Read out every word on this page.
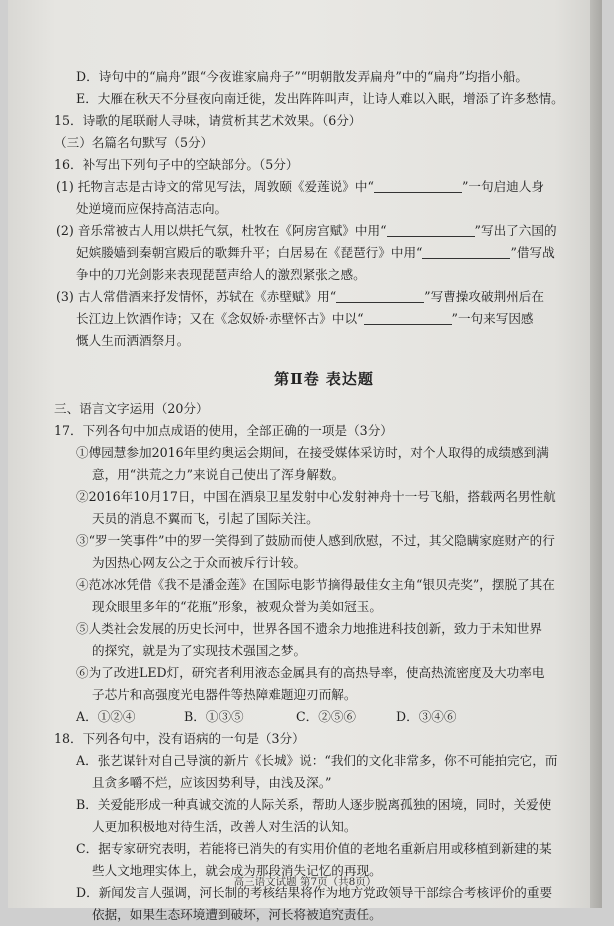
D．诗句中的“扁舟”跟“今夜谁家扁舟子”“明朝散发弄扁舟”中的“扁舟”均指小船。
E．大雁在秋天不分昼夜向南迁徙，发出阵阵叫声，让诗人难以入眠，增添了许多愁情。
15．诗歌的尾联耐人寻味，请赏析其艺术效果。（6分）
（三）名篇名句默写（5分）
16．补写出下列句子中的空缺部分。（5分）
(1) 托物言志是古诗文的常见写法，周敦颐《爱莲说》中“	”一句启迪人身
处逆境而应保持高洁志向。
(2) 音乐常被古人用以烘托气氛，杜牧在《阿房宫赋》中用“	”写出了六国的
妃嫔媵嫱到秦朝宫殿后的歌舞升平；白居易在《琵琶行》中用“	”借写战
争中的刀光剑影来表现琵琶声给人的激烈紧张之感。
(3) 古人常借酒来抒发情怀，苏轼在《赤壁赋》用“	”写曹操攻破荆州后在
长江边上饮酒作诗；又在《念奴娇·赤壁怀古》中以“	”一句来写因感
慨人生而洒酒祭月。
第Ⅱ卷 表达题
三、语言文字运用（20分）
17．下列各句中加点成语的使用，全部正确的一项是（3分）
①傅园慧参加2016年里约奥运会期间，在接受媒体采访时，对个人取得的成绩感到满
意，用“洪荒之力”来说自己使出了浑身解数。
②2016年10月17日，中国在酒泉卫星发射中心发射神舟十一号飞船，搭载两名男性航
天员的消息不翼而飞，引起了国际关注。
③“罗一笑事件”中的罗一笑得到了鼓励而使人感到欣慰，不过，其父隐瞒家庭财产的行
为因热心网友公之于众而被斥行计较。
④范冰冰凭借《我不是潘金莲》在国际电影节摘得最佳女主角“银贝壳奖”，摆脱了其在
现众眼里多年的“花瓶”形象，被观众誉为美如冠玉。
⑤人类社会发展的历史长河中，世界各国不遗余力地推进科技创新，致力于未知世界
的探究，就是为了实现技术强国之梦。
⑥为了改进LED灯，研究者利用液态金属具有的高热导率，使高热流密度及大功率电
子芯片和高强度光电器件等热障难题迎刃而解。
A．①②④	B．①③⑤	C．②⑤⑥	D．③④⑥
18．下列各句中，没有语病的一句是（3分）
A．张艺谋针对自己导演的新片《长城》说：“我们的文化非常多，你不可能拍完它，而
且贪多嚼不烂，应该因势利导，由浅及深。”
B．关爱能形成一种真诚交流的人际关系，帮助人逐步脱离孤独的困境，同时，关爱使
人更加积极地对待生活，改善人对生活的认知。
C．据专家研究表明，若能将已消失的有实用价值的老地名重新启用或移植到新建的某
些人文地理实体上，就会成为那段消失记忆的再现。
D．新闻发言人强调，河长制的考核结果将作为地方党政领导干部综合考核评价的重要
依据，如果生态环境遭到破坏，河长将被追究责任。
高三语文试题 第7页（共8页）
